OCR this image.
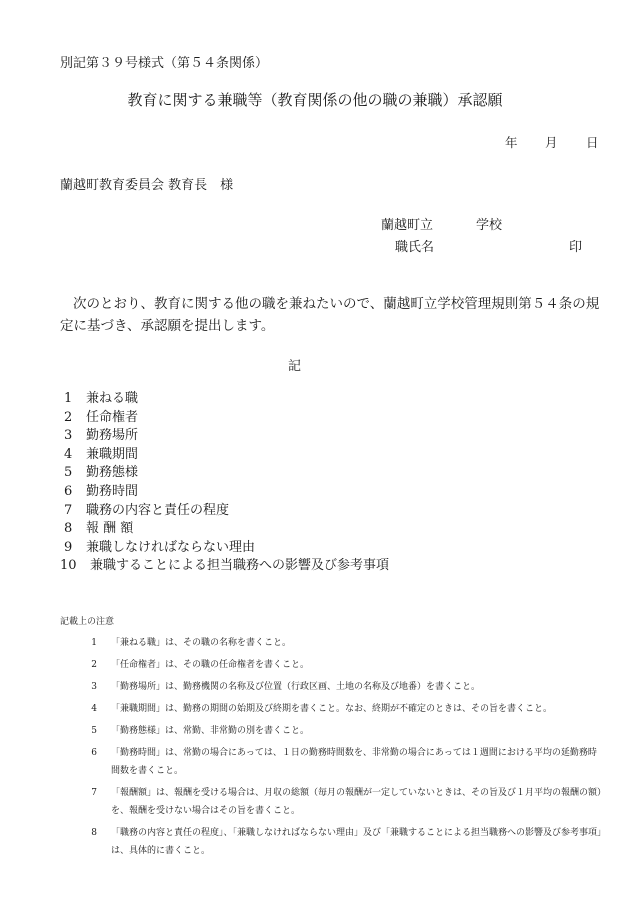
別記第３９号様式（第５４条関係）
教育に関する兼職等（教育関係の他の職の兼職）承認願
年 月 日
蘭越町教育委員会 教育長　様
蘭越町立	学校
職氏名	印

次のとおり、教育に関する他の職を兼ねたいので、蘭越町立学校管理規則第５４条の規定に基づき、承認願を提出します。

記
1	兼ねる職
2	任命権者
3	勤務場所
4	兼職期間
5	勤務態様
6	勤務時間
7	職務の内容と責任の程度
8	報 酬 額
9	兼職しなければならない理由
10	兼職することによる担当職務への影響及び参考事項
記載上の注意
1	「兼ねる職」は、その職の名称を書くこと。
2	「任命権者」は、その職の任命権者を書くこと。
3	「勤務場所」は、勤務機関の名称及び位置（行政区画、土地の名称及び地番）を書くこと。
4	「兼職期間」は、勤務の期間の始期及び終期を書くこと。なお、終期が不確定のときは、その旨を書くこと。
5	「勤務態様」は、常勤、非常勤の別を書くこと。
6	「勤務時間」は、常勤の場合にあっては、１日の勤務時間数を、非常勤の場合にあっては１週間における平均の延勤務時間数を書くこと。
7	「報酬額」は、報酬を受ける場合は、月収の総額（毎月の報酬が一定していないときは、その旨及び１月平均の報酬の額）を、報酬を受けない場合はその旨を書くこと。
8	「職務の内容と責任の程度」、「兼職しなければならない理由」及び「兼職することによる担当職務への影響及び参考事項」は、具体的に書くこと。
